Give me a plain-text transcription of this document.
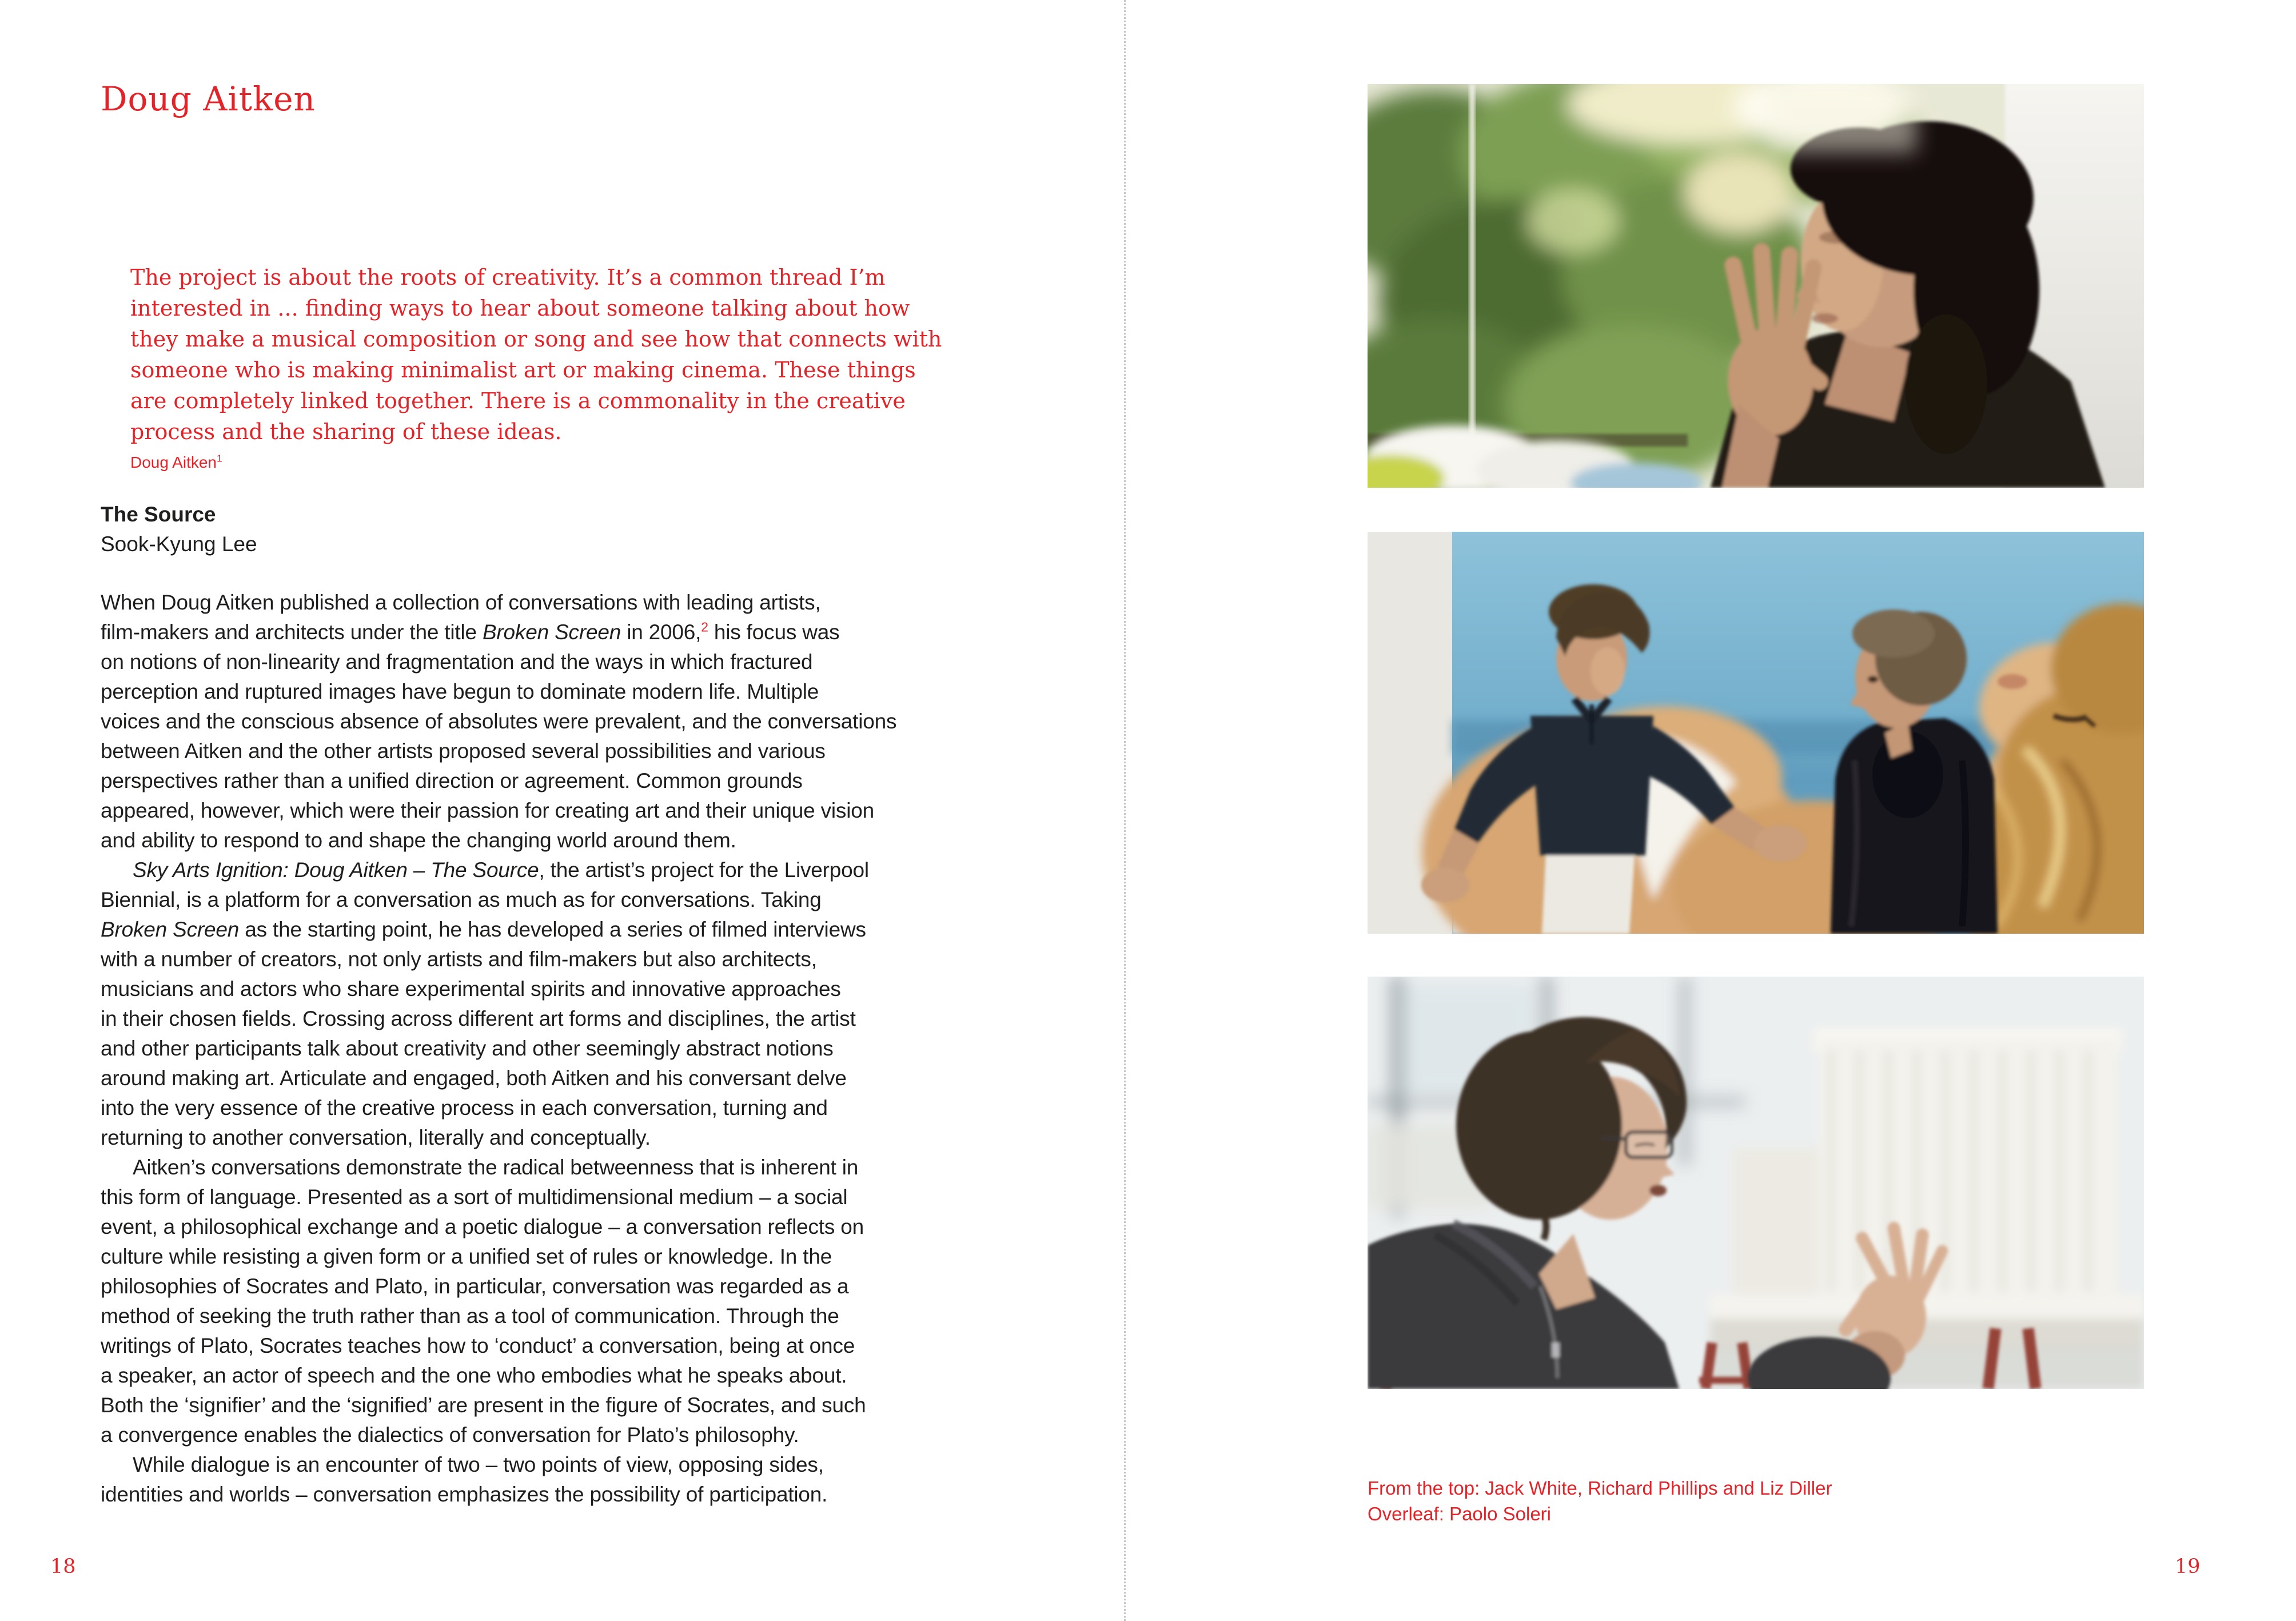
Doug Aitken
The project is about the roots of creativity. It’s a common thread I’m
interested in ... finding ways to hear about someone talking about how
they make a musical composition or song and see how that connects with
someone who is making minimalist art or making cinema. These things
are completely linked together. There is a commonality in the creative
process and the sharing of these ideas.
Doug Aitken$^1$
The Source
Sook-Kyung Lee
When Doug Aitken published a collection of conversations with leading artists,
film-makers and architects under the title Broken Screen in 2006,$^2$ his focus was
on notions of non-linearity and fragmentation and the ways in which fractured
perception and ruptured images have begun to dominate modern life. Multiple
voices and the conscious absence of absolutes were prevalent, and the conversations
between Aitken and the other artists proposed several possibilities and various
perspectives rather than a unified direction or agreement. Common grounds
appeared, however, which were their passion for creating art and their unique vision
and ability to respond to and shape the changing world around them.
Sky Arts Ignition: Doug Aitken – The Source, the artist’s project for the Liverpool
Biennial, is a platform for a conversation as much as for conversations. Taking
Broken Screen as the starting point, he has developed a series of filmed interviews
with a number of creators, not only artists and film-makers but also architects,
musicians and actors who share experimental spirits and innovative approaches
in their chosen fields. Crossing across different art forms and disciplines, the artist
and other participants talk about creativity and other seemingly abstract notions
around making art. Articulate and engaged, both Aitken and his conversant delve
into the very essence of the creative process in each conversation, turning and
returning to another conversation, literally and conceptually.
Aitken’s conversations demonstrate the radical betweenness that is inherent in
this form of language. Presented as a sort of multidimensional medium – a social
event, a philosophical exchange and a poetic dialogue – a conversation reflects on
culture while resisting a given form or a unified set of rules or knowledge. In the
philosophies of Socrates and Plato, in particular, conversation was regarded as a
method of seeking the truth rather than as a tool of communication. Through the
writings of Plato, Socrates teaches how to ‘conduct’ a conversation, being at once
a speaker, an actor of speech and the one who embodies what he speaks about.
Both the ‘signifier’ and the ‘signified’ are present in the figure of Socrates, and such
a convergence enables the dialectics of conversation for Plato’s philosophy.
While dialogue is an encounter of two – two points of view, opposing sides,
identities and worlds – conversation emphasizes the possibility of participation.
18
From the top: Jack White, Richard Phillips and Liz Diller
Overleaf: Paolo Soleri
19
